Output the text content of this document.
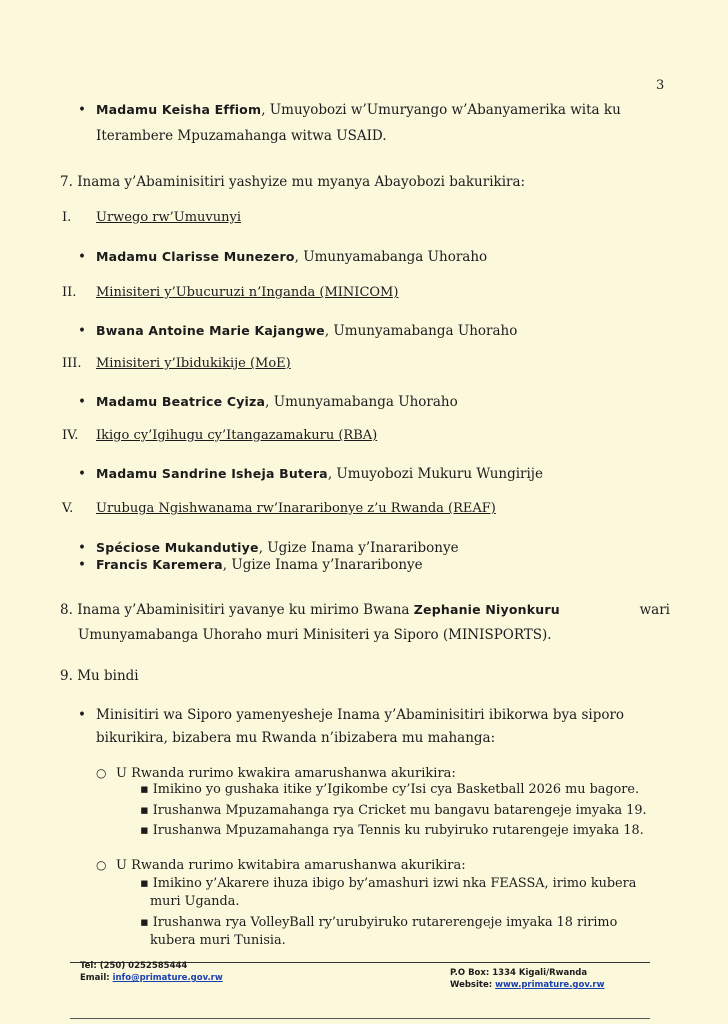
3
• Madamu Keisha Effiom, Umuyobozi w’Umuryango w’Abanyamerika wita ku
Iterambere Mpuzamahanga witwa USAID.
7. Inama y’Abaminisitiri yashyize mu myanya Abayobozi bakurikira:
I. Urwego rw’Umuvunyi
• Madamu Clarisse Munezero, Umunyamabanga Uhoraho
II. Minisiteri y’Ubucuruzi n’Inganda (MINICOM)
• Bwana Antoine Marie Kajangwe, Umunyamabanga Uhoraho
III. Minisiteri y’Ibidukikije (MoE)
• Madamu Beatrice Cyiza, Umunyamabanga Uhoraho
IV. Ikigo cy’Igihugu cy’Itangazamakuru (RBA)
• Madamu Sandrine Isheja Butera, Umuyobozi Mukuru Wungirije
V. Urubuga Ngishwanama rw’Inararibonye z’u Rwanda (REAF)
• Spéciose Mukandutiye, Ugize Inama y’Inararibonye
• Francis Karemera, Ugize Inama y’Inararibonye
8. Inama y’Abaminisitiri yavanye ku mirimo Bwana Zephanie Niyonkuru	wari
Umunyamabanga Uhoraho muri Minisiteri ya Siporo (MINISPORTS).
9. Mu bindi
• Minisitiri wa Siporo yamenyesheje Inama y’Abaminisitiri ibikorwa bya siporo
bikurikira, bizabera mu Rwanda n’ibizabera mu mahanga:
○ U Rwanda rurimo kwakira amarushanwa akurikira:
▪ Imikino yo gushaka itike y’Igikombe cy’Isi cya Basketball 2026 mu bagore.
▪ Irushanwa Mpuzamahanga rya Cricket mu bangavu batarengeje imyaka 19.
▪ Irushanwa Mpuzamahanga rya Tennis ku rubyiruko rutarengeje imyaka 18.
○ U Rwanda rurimo kwitabira amarushanwa akurikira:
▪ Imikino y’Akarere ihuza ibigo by’amashuri izwi nka FEASSA, irimo kubera
muri Uganda.
▪ Irushanwa rya VolleyBall ry’urubyiruko rutarerengeje imyaka 18 ririmo
kubera muri Tunisia.
Tel: (250) 0252585444
Email: info@primature.gov.rw	P.O Box: 1334 Kigali/Rwanda
Website: www.primature.gov.rw
